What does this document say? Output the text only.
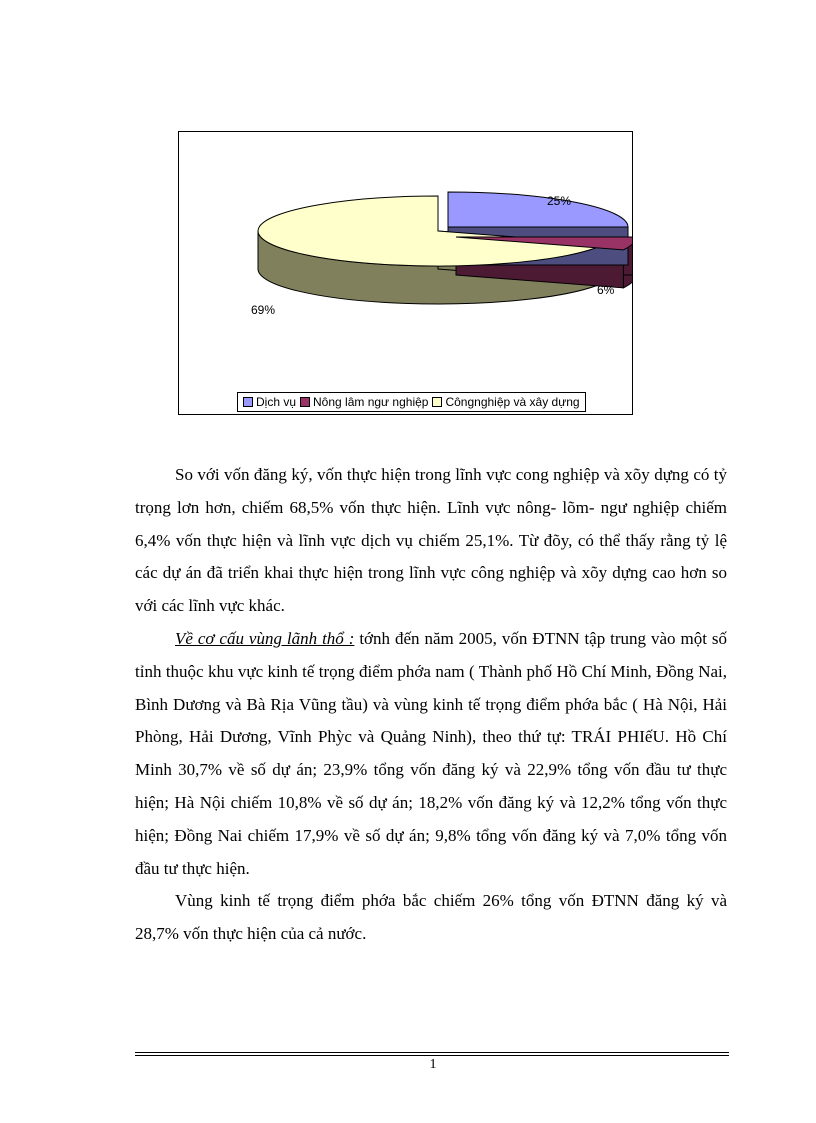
25%
6%
69%
Dịch vụ Nông lâm ngư nghiệp Côngnghiệp và xây dựng

So với vốn đăng ký, vốn thực hiện trong lĩnh vực cong nghiệp và xõy dựng có tỷ trọng lơn hơn, chiếm 68,5% vốn thực hiện. Lĩnh vực nông- lõm- ngư nghiệp chiếm 6,4% vốn thực hiện và lĩnh vực dịch vụ chiếm 25,1%. Từ đõy, có thể thấy rằng tỷ lệ các dự án đã triển khai thực hiện trong lĩnh vực công nghiệp và xõy dựng cao hơn so với các lĩnh vực khác.

Về cơ cấu vùng lãnh thổ : tớnh đến năm 2005, vốn ĐTNN tập trung vào một số tỉnh thuộc khu vực kinh tế trọng điểm phớa nam ( Thành phố Hồ Chí Minh, Đồng Nai, Bình Dương và Bà Rịa Vũng tầu) và vùng kinh tế trọng điểm phớa bắc ( Hà Nội, Hải Phòng, Hải Dương, Vĩnh Phỳc và Quảng Ninh), theo thứ tự: TRÁI PHIếU. Hồ Chí Minh 30,7% về số dự án; 23,9% tổng vốn đăng ký và 22,9% tổng vốn đầu tư thực hiện; Hà Nội chiếm 10,8% về số dự án; 18,2% vốn đăng ký và 12,2% tổng vốn thực hiện; Đồng Nai chiếm 17,9% về số dự án; 9,8% tổng vốn đăng ký và 7,0% tổng vốn đầu tư thực hiện.

Vùng kinh tế trọng điểm phớa bắc chiếm 26% tổng vốn ĐTNN đăng ký và 28,7% vốn thực hiện của cả nước.

1
